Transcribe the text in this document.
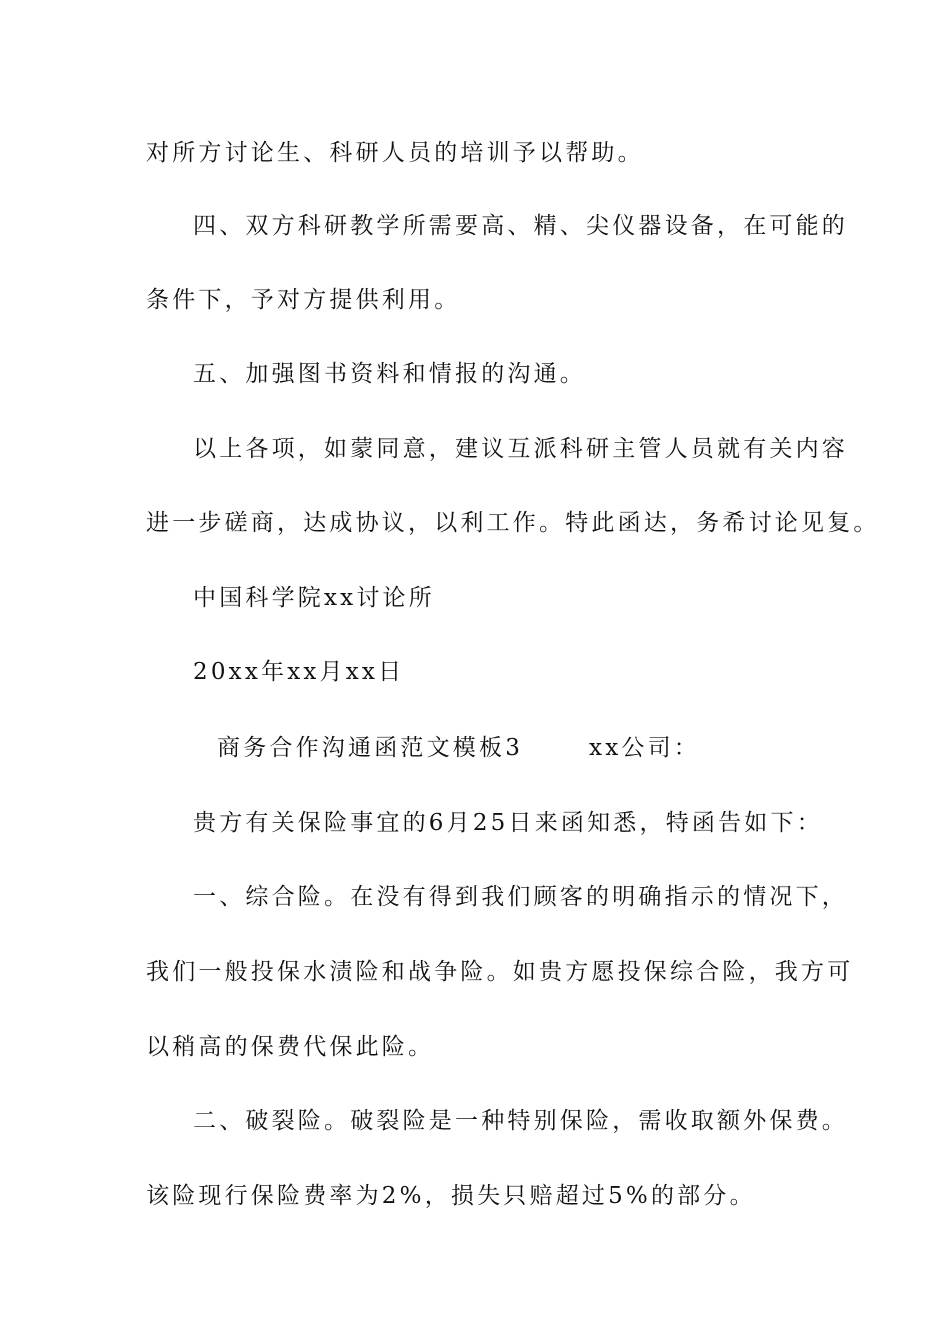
对所方讨论生、科研人员的培训予以帮助。
四、双方科研教学所需要高、精、尖仪器设备，在可能的
条件下，予对方提供利用。
五、加强图书资料和情报的沟通。
以上各项，如蒙同意，建议互派科研主管人员就有关内容
进一步磋商，达成协议，以利工作。特此函达，务希讨论见复。
中国科学院xx讨论所
20xx年xx月xx日
商务合作沟通函范文模板3	xx公司：
贵方有关保险事宜的6月25日来函知悉，特函告如下：
一、综合险。在没有得到我们顾客的明确指示的情况下，
我们一般投保水渍险和战争险。如贵方愿投保综合险，我方可
以稍高的保费代保此险。
二、破裂险。破裂险是一种特别保险，需收取额外保费。
该险现行保险费率为2%，损失只赔超过5%的部分。
